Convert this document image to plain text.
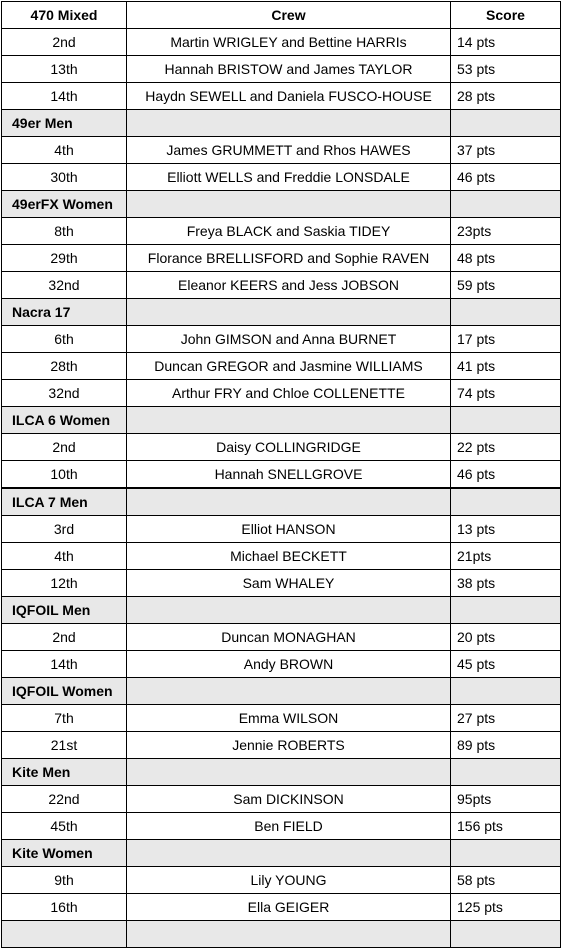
470 Mixed	Crew	Score
2nd	Martin WRIGLEY and Bettine HARRIs	14 pts
13th	Hannah BRISTOW and James TAYLOR	53 pts
14th	Haydn SEWELL and Daniela FUSCO-HOUSE	28 pts
49er Men		
4th	James GRUMMETT and Rhos HAWES	37 pts
30th	Elliott WELLS and Freddie LONSDALE	46 pts
49erFX Women		
8th	Freya BLACK and Saskia TIDEY	23pts
29th	Florance BRELLISFORD and Sophie RAVEN	48 pts
32nd	Eleanor KEERS and Jess JOBSON	59 pts
Nacra 17		
6th	John GIMSON and Anna BURNET	17 pts
28th	Duncan GREGOR and Jasmine WILLIAMS	41 pts
32nd	Arthur FRY and Chloe COLLENETTE	74 pts
ILCA 6 Women		
2nd	Daisy COLLINGRIDGE	22 pts
10th	Hannah SNELLGROVE	46 pts
ILCA 7 Men		
3rd	Elliot HANSON	13 pts
4th	Michael BECKETT	21pts
12th	Sam WHALEY	38 pts
IQFOIL Men		
2nd	Duncan MONAGHAN	20 pts
14th	Andy BROWN	45 pts
IQFOIL Women		
7th	Emma WILSON	27 pts
21st	Jennie ROBERTS	89 pts
Kite Men		
22nd	Sam DICKINSON	95pts
45th	Ben FIELD	156 pts
Kite Women		
9th	Lily YOUNG	58 pts
16th	Ella GEIGER	125 pts
